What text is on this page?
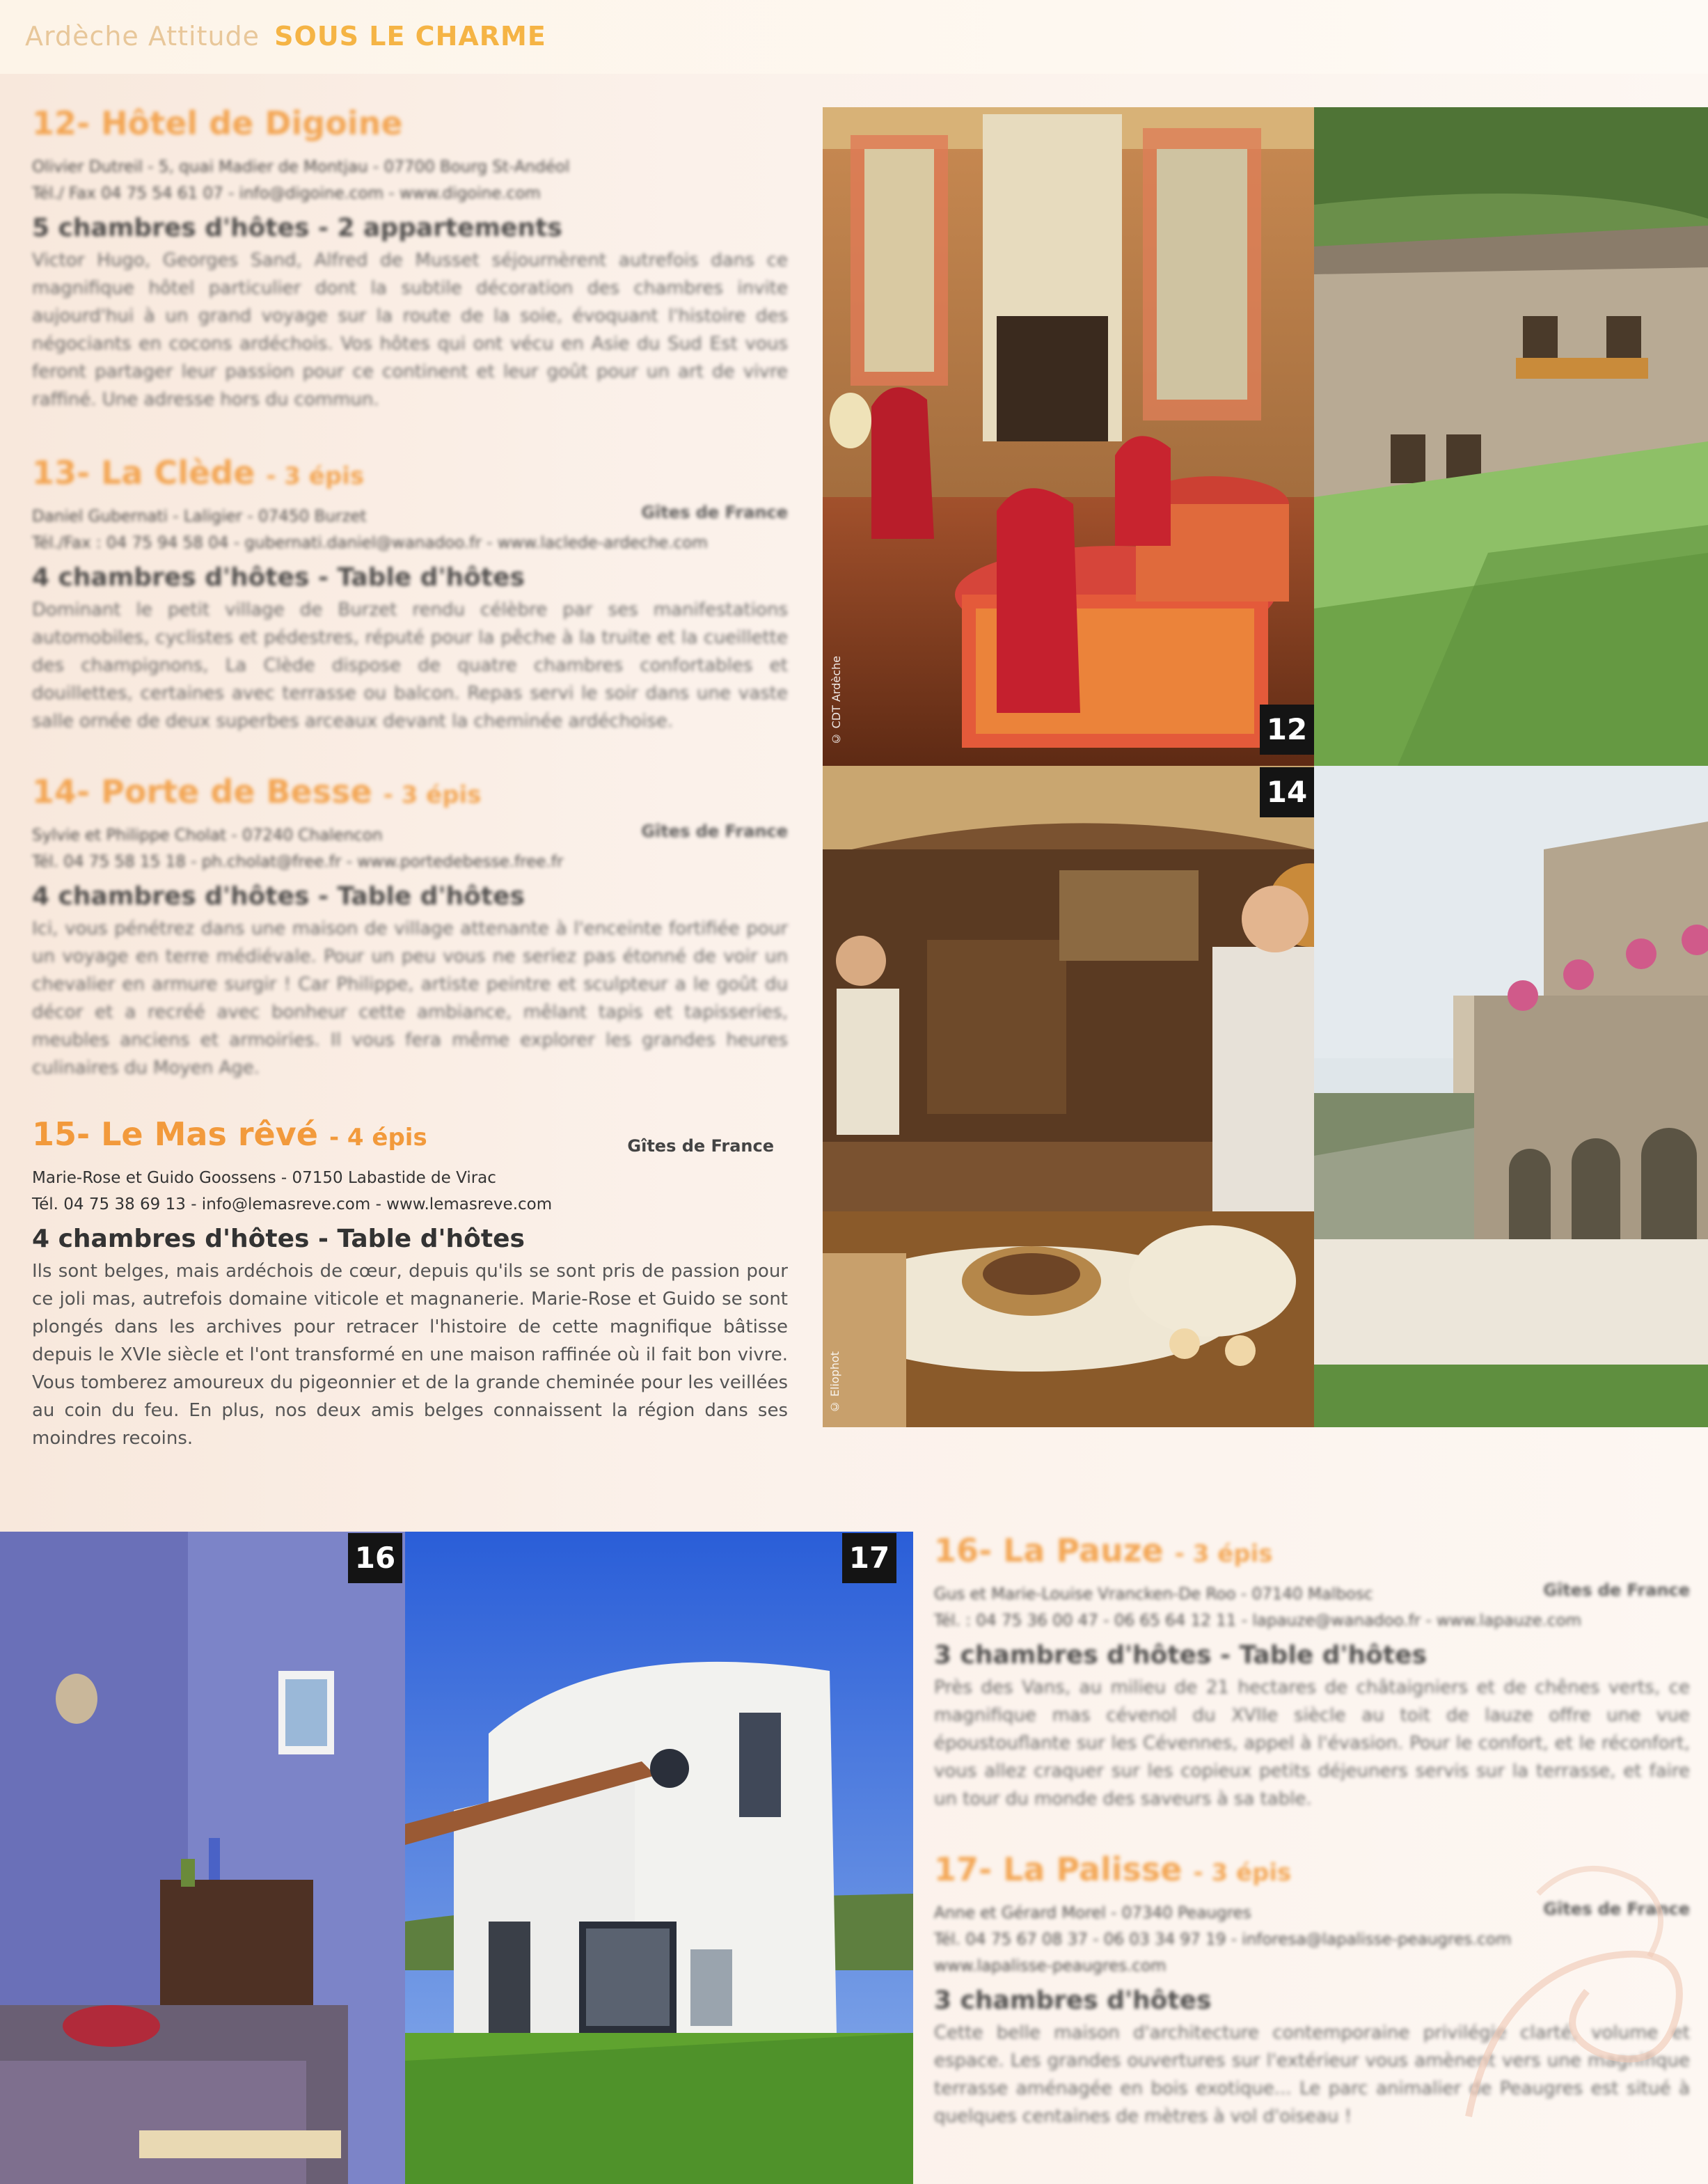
Ardèche Attitude SOUS LE CHARME
12- Hôtel de Digoine
Olivier Dutreil - 5, quai Madier de Montjau - 07700 Bourg St-Andéol
Tél./ Fax 04 75 54 61 07 - info@digoine.com - www.digoine.com
5 chambres d'hôtes - 2 appartements
Victor Hugo, Georges Sand, Alfred de Musset séjournèrent autrefois dans ce magnifique hôtel particulier dont la subtile décoration des chambres invite aujourd'hui à un grand voyage sur la route de la soie, évoquant l'histoire des négociants en cocons ardéchois. Vos hôtes qui ont vécu en Asie du Sud Est vous feront partager leur passion pour ce continent et leur goût pour un art de vivre raffiné. Une adresse hors du commun.
13- La Clède - 3 épis
Gîtes de France
Daniel Gubernati - Laligier - 07450 Burzet
Tél./Fax : 04 75 94 58 04 - gubernati.daniel@wanadoo.fr - www.laclede-ardeche.com
4 chambres d'hôtes - Table d'hôtes
Dominant le petit village de Burzet rendu célèbre par ses manifestations automobiles, cyclistes et pédestres, réputé pour la pêche à la truite et la cueillette des champignons, La Clède dispose de quatre chambres confortables et douillettes, certaines avec terrasse ou balcon. Repas servi le soir dans une vaste salle ornée de deux superbes arceaux devant la cheminée ardéchoise.
14- Porte de Besse - 3 épis
Gîtes de France
Sylvie et Philippe Cholat - 07240 Chalencon
Tél. 04 75 58 15 18 - ph.cholat@free.fr - www.portedebesse.free.fr
4 chambres d'hôtes - Table d'hôtes
Ici, vous pénétrez dans une maison de village attenante à l'enceinte fortifiée pour un voyage en terre médiévale. Pour un peu vous ne seriez pas étonné de voir un chevalier en armure surgir ! Car Philippe, artiste peintre et sculpteur a le goût du décor et a recréé avec bonheur cette ambiance, mêlant tapis et tapisseries, meubles anciens et armoiries. Il vous fera même explorer les grandes heures culinaires du Moyen Age.
15- Le Mas rêvé - 4 épis	Gîtes de France
Marie-Rose et Guido Goossens - 07150 Labastide de Virac
Tél. 04 75 38 69 13 - info@lemasreve.com - www.lemasreve.com
4 chambres d'hôtes - Table d'hôtes
Ils sont belges, mais ardéchois de cœur, depuis qu'ils se sont pris de passion pour ce joli mas, autrefois domaine viticole et magnanerie. Marie-Rose et Guido se sont plongés dans les archives pour retracer l'histoire de cette magnifique bâtisse depuis le XVIe siècle et l'ont transformé en une maison raffinée où il fait bon vivre. Vous tomberez amoureux du pigeonnier et de la grande cheminée pour les veillées au coin du feu. En plus, nos deux amis belges connaissent la région dans ses moindres recoins.
16- La Pauze - 3 épis
Gîtes de France
Gus et Marie-Louise Vrancken-De Roo - 07140 Malbosc
Tél. : 04 75 36 00 47 - 06 65 64 12 11 - lapauze@wanadoo.fr - www.lapauze.com
3 chambres d'hôtes - Table d'hôtes
Près des Vans, au milieu de 21 hectares de châtaigniers et de chênes verts, ce magnifique mas cévenol du XVIIe siècle au toit de lauze offre une vue époustouflante sur les Cévennes, appel à l'évasion. Pour le confort, et le réconfort, vous allez craquer sur les copieux petits déjeuners servis sur la terrasse, et faire un tour du monde des saveurs à sa table.
17- La Palisse - 3 épis
Gîtes de France
Anne et Gérard Morel - 07340 Peaugres
Tél. 04 75 67 08 37 - 06 03 34 97 19 - inforesa@lapalisse-peaugres.com
www.lapalisse-peaugres.com
3 chambres d'hôtes
Cette belle maison d'architecture contemporaine privilégie clarté, volume et espace. Les grandes ouvertures sur l'extérieur vous amènent vers une magnifique terrasse aménagée en bois exotique... Le parc animalier de Peaugres est situé à quelques centaines de mètres à vol d'oiseau !
© CDT Ardèche
© Eliophot
12
14
16	17
